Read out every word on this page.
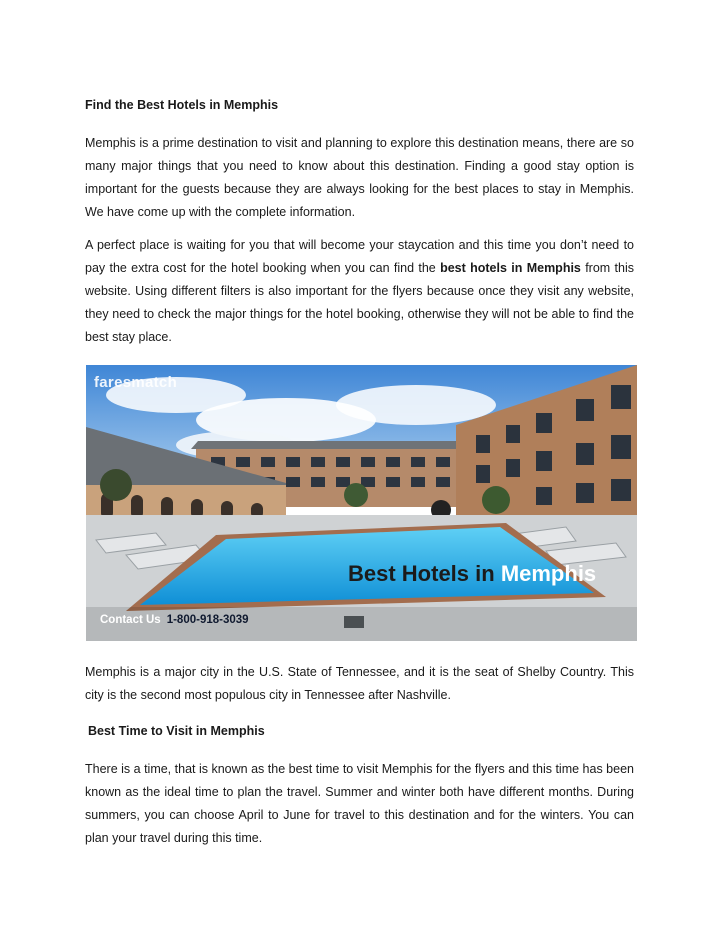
Find the Best Hotels in Memphis

Memphis is a prime destination to visit and planning to explore this destination means, there are so many major things that you need to know about this destination. Finding a good stay option is important for the guests because they are always looking for the best places to stay in Memphis. We have come up with the complete information.

A perfect place is waiting for you that will become your staycation and this time you don’t need to pay the extra cost for the hotel booking when you can find the best hotels in Memphis from this website. Using different filters is also important for the flyers because once they visit any website, they need to check the major things for the hotel booking, otherwise they will not be able to find the best stay place.

faresmatch
Best Hotels in Memphis
Contact Us 1-800-918-3039

Memphis is a major city in the U.S. State of Tennessee, and it is the seat of Shelby Country. This city is the second most populous city in Tennessee after Nashville.

Best Time to Visit in Memphis

There is a time, that is known as the best time to visit Memphis for the flyers and this time has been known as the ideal time to plan the travel. Summer and winter both have different months. During summers, you can choose April to June for travel to this destination and for the winters. You can plan your travel during this time.
